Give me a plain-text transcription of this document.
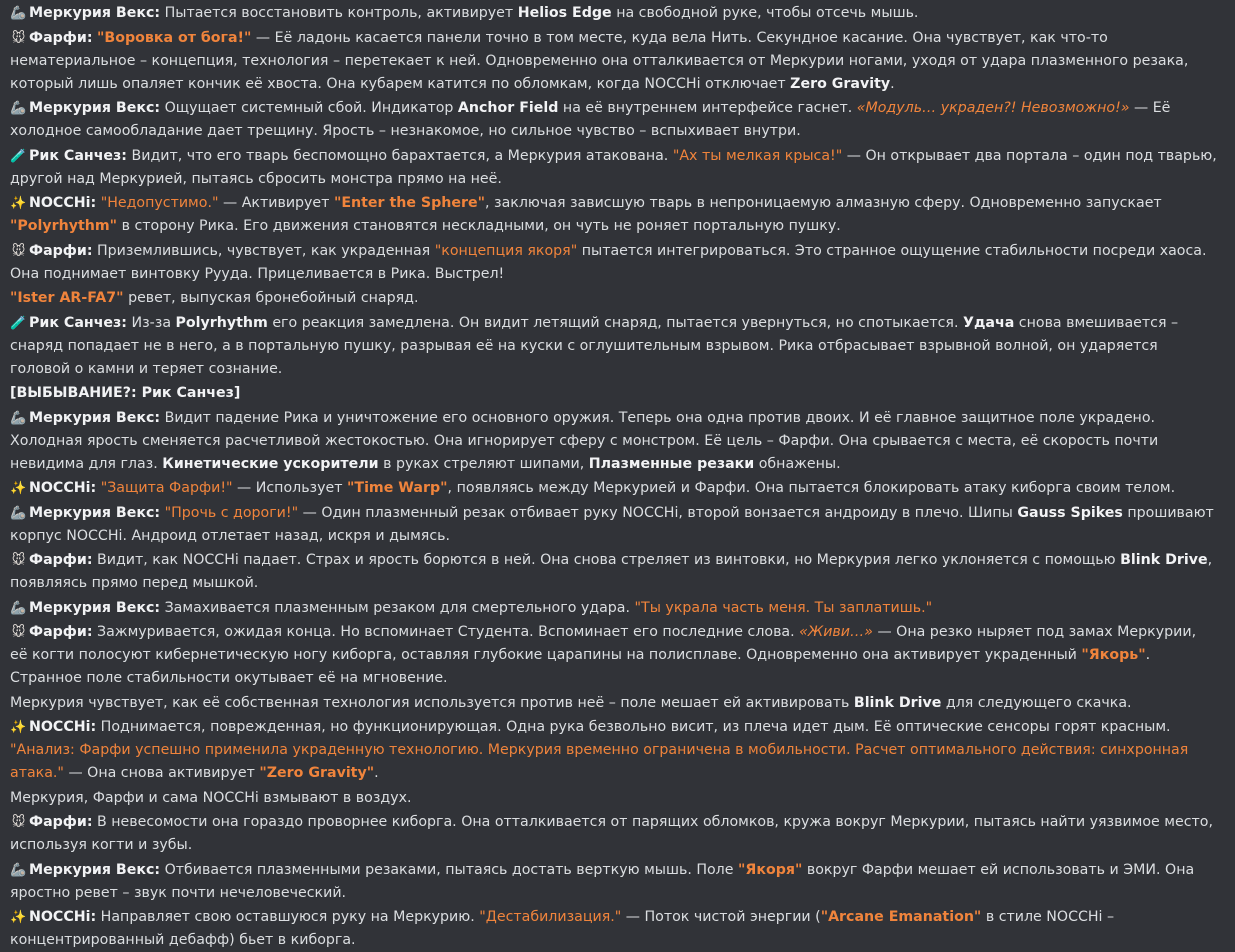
🦾 Меркурия Векс: Пытается восстановить контроль, активирует Helios Edge на свободной руке, чтобы отсечь мышь.
🐭 Фарфи: "Воровка от бога!" — Её ладонь касается панели точно в том месте, куда вела Нить. Секундное касание. Она чувствует, как что-то нематериальное – концепция, технология – перетекает к ней. Одновременно она отталкивается от Меркурии ногами, уходя от удара плазменного резака, который лишь опаляет кончик её хвоста. Она кубарем катится по обломкам, когда NOCCHi отключает Zero Gravity.
🦾 Меркурия Векс: Ощущает системный сбой. Индикатор Anchor Field на её внутреннем интерфейсе гаснет. «Модуль… украден?! Невозможно!» — Её холодное самообладание дает трещину. Ярость – незнакомое, но сильное чувство – вспыхивает внутри.
🧪 Рик Санчез: Видит, что его тварь беспомощно барахтается, а Меркурия атакована. "Ах ты мелкая крыса!" — Он открывает два портала – один под тварью, другой над Меркурией, пытаясь сбросить монстра прямо на неё.
✨ NOCCHi: "Недопустимо." — Активирует "Enter the Sphere", заключая зависшую тварь в непроницаемую алмазную сферу. Одновременно запускает "Polyrhythm" в сторону Рика. Его движения становятся нескладными, он чуть не роняет портальную пушку.
🐭 Фарфи: Приземлившись, чувствует, как украденная "концепция якоря" пытается интегрироваться. Это странное ощущение стабильности посреди хаоса. Она поднимает винтовку Рууда. Прицеливается в Рика. Выстрел!
"Ister AR-FA7" ревет, выпуская бронебойный снаряд.
🧪 Рик Санчез: Из-за Polyrhythm его реакция замедлена. Он видит летящий снаряд, пытается увернуться, но спотыкается. Удача снова вмешивается – снаряд попадает не в него, а в портальную пушку, разрывая её на куски с оглушительным взрывом. Рика отбрасывает взрывной волной, он ударяется головой о камни и теряет сознание.
[ВЫБЫВАНИЕ?: Рик Санчез]
🦾 Меркурия Векс: Видит падение Рика и уничтожение его основного оружия. Теперь она одна против двоих. И её главное защитное поле украдено. Холодная ярость сменяется расчетливой жестокостью. Она игнорирует сферу с монстром. Её цель – Фарфи. Она срывается с места, её скорость почти невидима для глаз. Кинетические ускорители в руках стреляют шипами, Плазменные резаки обнажены.
✨ NOCCHi: "Защита Фарфи!" — Использует "Time Warp", появляясь между Меркурией и Фарфи. Она пытается блокировать атаку киборга своим телом.
🦾 Меркурия Векс: "Прочь с дороги!" — Один плазменный резак отбивает руку NOCCHi, второй вонзается андроиду в плечо. Шипы Gauss Spikes прошивают корпус NOCCHi. Андроид отлетает назад, искря и дымясь.
🐭 Фарфи: Видит, как NOCCHi падает. Страх и ярость борются в ней. Она снова стреляет из винтовки, но Меркурия легко уклоняется с помощью Blink Drive, появляясь прямо перед мышкой.
🦾 Меркурия Векс: Замахивается плазменным резаком для смертельного удара. "Ты украла часть меня. Ты заплатишь."
🐭 Фарфи: Зажмуривается, ожидая конца. Но вспоминает Студента. Вспоминает его последние слова. «Живи…» — Она резко ныряет под замах Меркурии, её когти полосуют кибернетическую ногу киборга, оставляя глубокие царапины на полисплаве. Одновременно она активирует украденный "Якорь". Странное поле стабильности окутывает её на мгновение.
Меркурия чувствует, как её собственная технология используется против неё – поле мешает ей активировать Blink Drive для следующего скачка.
✨ NOCCHi: Поднимается, поврежденная, но функционирующая. Одна рука безвольно висит, из плеча идет дым. Её оптические сенсоры горят красным. "Анализ: Фарфи успешно применила украденную технологию. Меркурия временно ограничена в мобильности. Расчет оптимального действия: синхронная атака." — Она снова активирует "Zero Gravity".
Меркурия, Фарфи и сама NOCCHi взмывают в воздух.
🐭 Фарфи: В невесомости она гораздо проворнее киборга. Она отталкивается от парящих обломков, кружа вокруг Меркурии, пытаясь найти уязвимое место, используя когти и зубы.
🦾 Меркурия Векс: Отбивается плазменными резаками, пытаясь достать верткую мышь. Поле "Якоря" вокруг Фарфи мешает ей использовать и ЭМИ. Она яростно ревет – звук почти нечеловеческий.
✨ NOCCHi: Направляет свою оставшуюся руку на Меркурию. "Дестабилизация." — Поток чистой энергии ("Arcane Emanation" в стиле NOCCHi – концентрированный дебафф) бьет в киборга.
